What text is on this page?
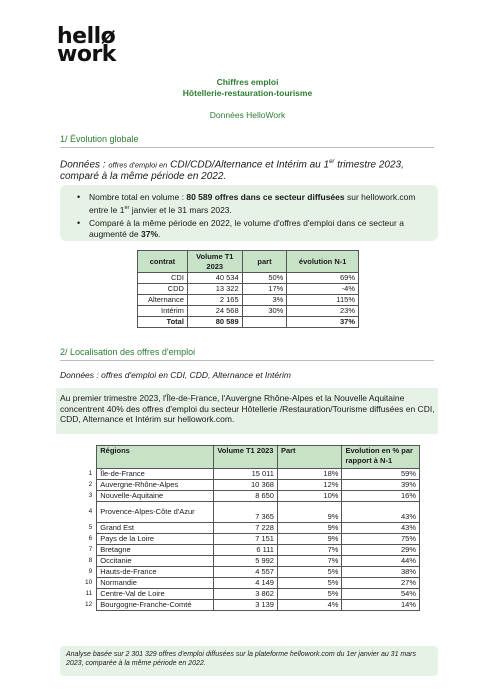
hellø
work
Chiffres emploi
Hôtellerie-restauration-tourisme
Données HelloWork
1/ Évolution globale
Données : offres d'emploi en CDI/CDD/Alternance et Intérim au 1er trimestre 2023,
comparé à la même période en 2022.
• Nombre total en volume : 80 589 offres dans ce secteur diffusées sur hellowork.com entre le 1er janvier et le 31 mars 2023.
• Comparé à la même période en 2022, le volume d'offres d'emploi dans ce secteur a augmenté de 37%.
contrat	Volume T1 2023	part	évolution N-1
CDI	40 534	50%	69%
CDD	13 322	17%	-4%
Alternance	2 165	3%	115%
Intérim	24 568	30%	23%
Total	80 589		37%
2/ Localisation des offres d'emploi
Données : offres d'emploi en CDI, CDD, Alternance et Intérim
Au premier trimestre 2023, l'Île-de-France, l'Auvergne Rhône-Alpes et la Nouvelle Aquitaine concentrent 40% des offres d'emploi du secteur Hôtellerie /Restauration/Tourisme diffusées en CDI, CDD, Alternance et Intérim sur hellowork.com.
	Régions	Volume T1 2023	Part	Evolution en % par rapport à N-1
1	Île-de-France	15 011	18%	59%
2	Auvergne-Rhône-Alpes	10 368	12%	39%
3	Nouvelle-Aquitaine	8 650	10%	16%
4	Provence-Alpes-Côte d'Azur	7 365	9%	43%
5	Grand Est	7 228	9%	43%
6	Pays de la Loire	7 151	9%	75%
7	Bretagne	6 111	7%	29%
8	Occitanie	5 992	7%	44%
9	Hauts-de-France	4 557	5%	38%
10	Normandie	4 149	5%	27%
11	Centre-Val de Loire	3 862	5%	54%
12	Bourgogne-Franche-Comté	3 139	4%	14%
Analyse basée sur 2 301 329 offres d'emploi diffusées sur la plateforme hellowork.com du 1er janvier au 31 mars 2023, comparée à la même période en 2022.
